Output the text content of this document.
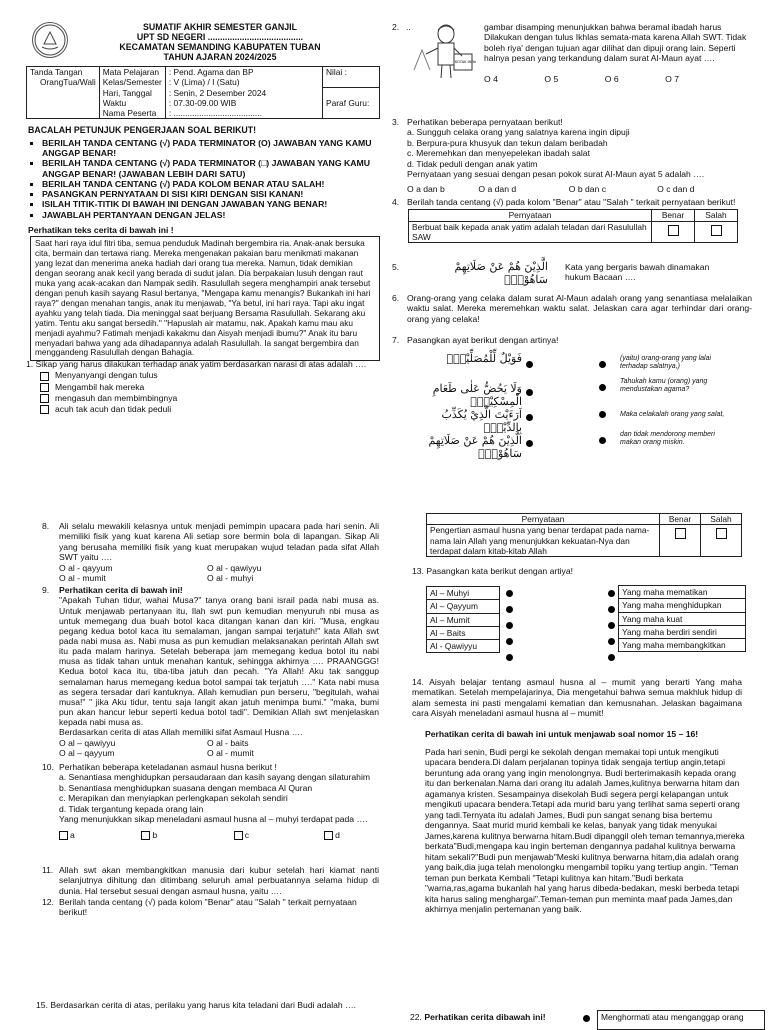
SUMATIF AKHIR SEMESTER GANJIL
UPT SD NEGERI .......................................
KECAMATAN SEMANDING KABUPATEN TUBAN
TAHUN AJARAN 2024/2025
Tanda Tangan
OrangTua/Wali	Mata Pelajaran	: Pend. Agama dan BP	Nilai :
	Kelas/Semester	: V (Lima) / I (Satu)	
	Hari, Tanggal	: Senin, 2 Desember 2024	Paraf Guru:
	Waktu	: 07.30-09.00 WIB	
	Nama Peserta	: ......................................	
BACALAH PETUNJUK PENGERJAAN SOAL BERIKUT!
▪ BERILAH TANDA CENTANG (√) PADA TERMINATOR (O) JAWABAN YANG KAMU ANGGAP BENAR!
▪ BERILAH TANDA CENTANG (√) PADA TERMINATOR (□) JAWABAN YANG KAMU ANGGAP BENAR! (JAWABAN LEBIH DARI SATU)
▪ BERILAH TANDA CENTANG (√) PADA KOLOM BENAR ATAU SALAH!
▪ PASANGKAN PERNYATAAN DI SISI KIRI DENGAN SISI KANAN!
▪ ISILAH TITIK-TITIK DI BAWAH INI DENGAN JAWABAN YANG BENAR!
▪ JAWABLAH PERTANYAAN DENGAN JELAS!
Perhatikan teks cerita di bawah ini !
Saat hari raya idul fitri tiba, semua penduduk Madinah bergembira ria. Anak-anak bersuka cita, bermain dan tertawa riang. Mereka mengenakan pakaian baru menikmati makanan yang lezat dan menerima aneka hadiah dari orang tua mereka. Namun, tidak demikian dengan seorang anak kecil yang berada di sudut jalan. Dia berpakaian lusuh dengan raut muka yang acak-acakan dan Nampak sedih. Rasulullah segera menghampiri anak tersebut dengan penuh kasih sayang Rasul bertanya, "Mengapa kamu menangis? Bukankah ini hari raya?" dengan menahan tangis, anak itu menjawab, "Ya betul, ini hari raya. Tapi aku ingat ayahku yang telah tiada. Dia meninggal saat berjuang Bersama Rasulullah. Sekarang aku yatim. Tentu aku sangat bersedih." "Hapuslah air matamu, nak. Apakah kamu mau aku menjadi ayahmu? Fatimah menjadi kakakmu dan Aisyah menjadi ibumu?" Anak itu baru menyadari bahwa yang ada dihadapannya adalah Rasulullah. Ia sangat bergembira dan menggandeng Rasulullah dengan Bahagia.
1. Sikap yang harus dilakukan terhadap anak yatim berdasarkan narasi di atas adalah ….
Menyanyangi dengan tulus
Mengambil hak mereka
mengasuh dan membimbingnya
acuh tak acuh dan tidak peduli
2. ..
KOTAK INFAQ
gambar disamping menunjukkan bahwa beramal ibadah harus Dilakukan dengan tulus Ikhlas semata-mata karena Allah SWT. Tidak boleh riya' dengan tujuan agar dilihat dan dipuji orang lain. Seperti halnya pesan yang terkandung dalam surat Al-Maun ayat ….
O 4	O 5	O 6	O 7
3. Perhatikan beberapa pernyataan berikut!
a. Sungguh celaka orang yang salatnya karena ingin dipuji
b. Berpura-pura khusyuk dan tekun dalam beribadah
c. Meremehkan dan menyepelekan ibadah salat
d. Tidak peduli dengan anak yatim
Pernyataan yang sesuai dengan pesan pokok surat Al-Maun ayat 5 adalah ….
O a dan b	O a dan d	O b dan c	O c dan d
4. Berilah tanda centang (√) pada kolom "Benar" atau "Salah " terkait pernyataan berikut!
Pernyataan	Benar	Salah
Berbuat baik kepada anak yatim adalah teladan dari Rasulullah SAW		
5.	الَّذِيْنَ هُمْ عَنْ صَلَاتِهِمْ سَاهُوْنَۙ
Kata yang bergaris bawah dinamakan hukum Bacaan ….
6. Orang-orang yang celaka dalam surat Al-Maun adalah orang yang senantiasa melalaikan waktu salat. Mereka meremehkan waktu salat. Jelaskan cara agar terhindar dari orang-orang yang celaka!
7. Pasangkan ayat berikut dengan artinya!
فَوَيْلٌ لِّلْمُصَلِّيْنَۙ
وَلَا يَحُضُّ عَلٰى طَعَامِ الْمِسْكِيْنِۗ
اَرَءَيْتَ الَّذِيْ يُكَذِّبُ بِالدِّيْنِۗ
الَّذِيْنَ هُمْ عَنْ صَلَاتِهِمْ سَاهُوْنَۙ
(yaitu) orang-orang yang lalai terhadap salatnya,)
Tahukah kamu (orang) yang mendustakan agama?
Maka celakalah orang yang salat,
dan tidak mendorong memberi makan orang miskin.
8.	Ali selalu mewakili kelasnya untuk menjadi pemimpin upacara pada hari senin. Ali memiliki fisik yang kuat karena Ali setiap sore bermin bola di lapangan. Sikap Ali yang berusaha memiliki fisik yang kuat merupakan wujud teladan pada sifat Allah SWT yaitu ….
O al - qayyum	O al - qawiyyu
O al - mumit	O al - muhyi
9.	Perhatikan cerita di bawah ini!
"Apakah Tuhan tidur, wahai Musa?" tanya orang bani israil pada nabi musa as. Untuk menjawab pertanyaan itu, Ilah swt pun kemudian menyuruh nbi musa as untuk memegang dua buah botol kaca ditangan kanan dan kiri. "Musa, engkau pegang kedua botol kaca itu semalaman, jangan sampai terjatuh!" kata Allah swt pada nabi musa as. Nabi musa as pun kemudian melaksanakan perintah Allah swt itu pada malam harinya. Setelah beberapa jam memegang kedua botol itu nabi musa as tidak tahan untuk menahan kantuk, sehingga akhirnya …. PRAANGGG! Kedua botol kaca itu, tiba-tiba jatuh dan pecah. "Ya Allah! Aku tak sanggup semalaman harus memegang kedua botol sampai tak terjatuh …." Kata nabi musa as segera tersadar dari kantuknya. Allah kemudian pun berseru, "begitulah, wahai musa!" " jika Aku tidur, tentu saja langit akan jatuh menimpa bumi." "maka, bumi pun akan hancur lebur seperti kedua botol tadi". Demikian Allah swt menjelaskan kepada nabi musa as.
Berdasarkan cerita di atas Allah memiliki sifat Asmaul Husna ….
O al – qawiyyu	O al - baits
O al – qayyum	O al - mumit
10. Perhatikan beberapa keteladanan asmaul husna berikut !
a. Senantiasa menghidupkan persaudaraan dan kasih sayang dengan silaturahim
b. Senantiasa menghidupkan suasana dengan membaca Al Quran
c. Merapikan dan menyiapkan perlengkapan sekolah sendiri
d. Tidak tergantung kepada orang lain
Yang menunjukkan sikap meneladani asmaul husna al – muhyi terdapat pada ….
a	b	c	d
11. Allah swt akan membangkitkan manusia dari kubur setelah hari kiamat nanti selanjutnya dihitung dan ditimbang seluruh amal perbuatannya selama hidup di dunia. Hal tersebut sesuai dengan asmaul husna, yaitu ….
12. Berilah tanda centang (√) pada kolom "Benar" atau "Salah " terkait pernyataan berikut!
Pernyataan	Benar	Salah
Pengertian asmaul husna yang benar terdapat pada nama-nama lain Allah yang menunjukkan kekuatan-Nya dan terdapat dalam kitab-kitab Allah		
13. Pasangkan kata berikut dengan artiya!
Al – Muhyi
Al – Qayyum
Al – Mumit
Al – Baits
Al - Qawiyyu
Yang maha mematikan
Yang maha menghidupkan
Yang maha kuat
Yang maha berdiri sendiri
Yang maha membangkitkan
14. Aisyah belajar tentang asmaul husna al – mumit yang berarti Yang maha mematikan. Setelah mempelajarinya, Dia mengetahui bahwa semua makhluk hidup di alam semesta ini pasti mengalami kematian dan kemusnahan. Jelaskan bagaimana cara Aisyah meneladani asmaul husna al – mumit!
Perhatikan cerita di bawah ini untuk menjawab soal nomor 15 – 16!
Pada hari senin, Budi pergi ke sekolah dengan memakai topi untuk mengikuti upacara bendera.Di dalam perjalanan topinya tidak sengaja tertiup angin,tetapi beruntung ada orang yang ingin menolongnya. Budi berterimakasih kepada orang itu dan berkenalan.Nama dari orang itu adalah James,kulitnya berwarna hitam dan agamanya kristen. Sesampainya disekolah Budi segera pergi kelapangan untuk mengikuti upacara bendera.Tetapi ada murid baru yang terlihat sama seperti orang yang tadi.Ternyata itu adalah James, Budi pun sangat senang bisa bertemu dengannya. Saat murid murid kembali ke kelas, banyak yang tidak menyukai James,karena kulitnya berwarna hitam.Budi dipanggil oleh teman temannya,mereka berkata"Budi,mengapa kau ingin berteman dengannya padahal kulitnya berwarna hitam sekali?"Budi pun menjawab"Meski kulitnya berwarna hitam,dia adalah orang yang baik,dia juga telah menolongku mengambil topiku yang tertiup angin. "Teman teman pun berkata Kembali "Tetapi kulitnya kan hitam."Budi berkata "warna,ras,agama bukanlah hal yang harus dibeda-bedakan, meski berbeda tetapi kita harus saling menghargai".Teman-teman pun meminta maaf pada James,dan akhirnya menjalin pertemanan yang baik.
15. Berdasarkan cerita di atas, perilaku yang harus kita teladani dari Budi adalah ….
22. Perhatikan cerita dibawah ini!	Menghormati atau menganggap orang
